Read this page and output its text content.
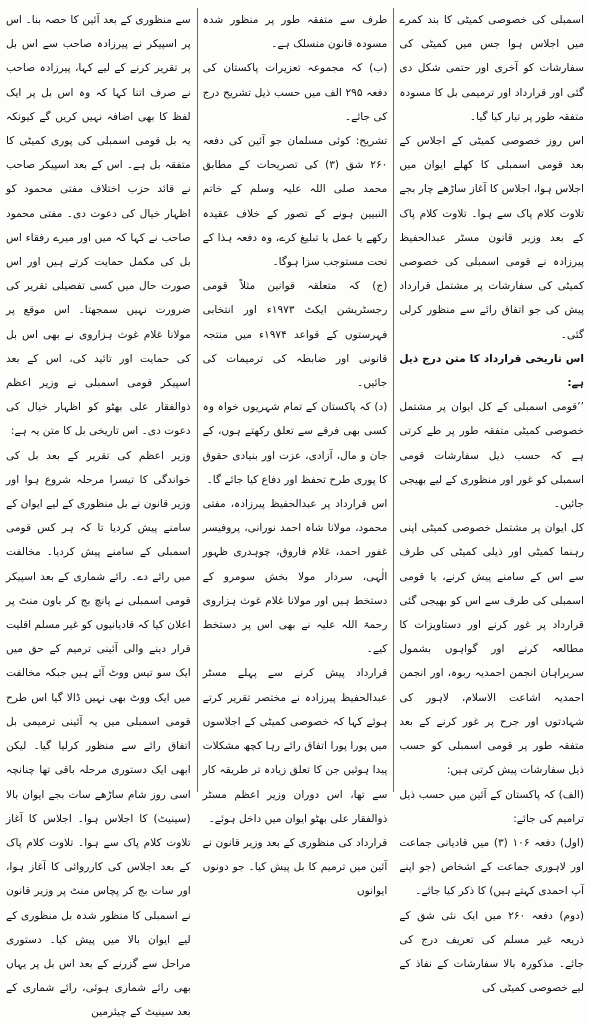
اسمبلی کی خصوصی کمیٹی کا بند کمرے میں اجلاس ہوا جس میں کمیٹی کی سفارشات کو آخری اور حتمی شکل دی گئی اور قرارداد اور ترمیمی بل کا مسودہ متفقہ طور پر تیار کیا گیا۔

اس روز خصوصی کمیٹی کے اجلاس کے بعد قومی اسمبلی کا کھلے ایوان میں اجلاس ہوا، اجلاس کا آغاز ساڑھے چار بجے تلاوت کلام پاک سے ہوا۔ تلاوت کلام پاک کے بعد وزیر قانون مسٹر عبدالحفیظ پیرزادہ نے قومی اسمبلی کی خصوصی کمیٹی کی سفارشات پر مشتمل قرارداد پیش کی جو اتفاق رائے سے منظور کرلی گئی۔

اس تاریخی قرارداد کا متن درج ذیل ہے:

’’قومی اسمبلی کے کل ایوان پر مشتمل خصوصی کمیٹی متفقہ طور پر طے کرتی ہے کہ حسب ذیل سفارشات قومی اسمبلی کو غور اور منظوری کے لیے بھیجی جائیں۔

کل ایوان پر مشتمل خصوصی کمیٹی اپنی رہنما کمیٹی اور ذیلی کمیٹی کی طرف سے اس کے سامنے پیش کرنے، یا قومی اسمبلی کی طرف سے اس کو بھیجی گئی قرارداد پر غور کرنے اور دستاویزات کا مطالعہ کرنے اور گواہوں بشمول سربراہان انجمن احمدیہ ربوہ، اور انجمن احمدیہ اشاعت الاسلام، لاہور کی شہادتوں اور جرح پر غور کرنے کے بعد متفقہ طور پر قومی اسمبلی کو حسب ذیل سفارشات پیش کرتی ہیں:

(الف) کہ پاکستان کے آئین میں حسب ذیل ترامیم کی جائے:

(اول) دفعہ ۱۰۶ (۳) میں قادیانی جماعت اور لاہوری جماعت کے اشخاص (جو اپنے آپ احمدی کہتے ہیں) کا ذکر کیا جائے۔

(دوم) دفعہ ۲۶۰ میں ایک نئی شق کے ذریعہ غیر مسلم کی تعریف درج کی جائے۔ مذکورہ بالا سفارشات کے نفاذ کے لیے خصوصی کمیٹی کی

طرف سے متفقہ طور پر منظور شدہ مسودہ قانون منسلک ہے۔

(ب) کہ مجموعہ تعزیرات پاکستان کی دفعہ ۲۹۵ الف میں حسب ذیل تشریح درج کی جائے۔

تشریح: کوئی مسلمان جو آئین کی دفعہ ۲۶۰ شق (۳) کی تصریحات کے مطابق محمد صلی اللہ علیہ وسلم کے خاتم النبیین ہونے کے تصور کے خلاف عقیدہ رکھے یا عمل یا تبلیغ کرے، وہ دفعہ ہذا کے تحت مستوجب سزا ہوگا۔

(ج) کہ متعلقہ قوانین مثلاً قومی رجسٹریشن ایکٹ ۱۹۷۳ء اور انتخابی فہرستوں کے قواعد ۱۹۷۴ء میں منتجہ قانونی اور ضابطہ کی ترمیمات کی جائیں۔

(د) کہ پاکستان کے تمام شہریوں خواہ وہ کسی بھی فرقے سے تعلق رکھتے ہوں، کے جان و مال، آزادی، عزت اور بنیادی حقوق کا پوری طرح تحفظ اور دفاع کیا جائے گا۔

اس قرارداد پر عبدالحفیظ پیرزادہ، مفتی محمود، مولانا شاہ احمد نورانی، پروفیسر غفور احمد، غلام فاروق، چوہدری ظہور الٰہی، سردار مولا بخش سومرو کے دستخط ہیں اور مولانا غلام غوث ہزاروی رحمۃ اللہ علیہ نے بھی اس پر دستخط کیے۔

قرارداد پیش کرنے سے پہلے مسٹر عبدالحفیظ پیرزادہ نے مختصر تقریر کرتے ہوئے کہا کہ خصوصی کمیٹی کے اجلاسوں میں پورا پورا اتفاق رائے رہا کچھ مشکلات پیدا ہوئیں جن کا تعلق زیادہ تر طریقہ کار سے تھا، اس دوران وزیر اعظم مسٹر ذوالفقار علی بھٹو ایوان میں داخل ہوئے۔

قرارداد کی منظوری کے بعد وزیر قانون نے آئین میں ترمیم کا بل پیش کیا۔ جو دونوں ایوانوں

سے منظوری کے بعد آئین کا حصہ بنا۔ اس پر اسپیکر نے پیرزادہ صاحب سے اس بل پر تقریر کرنے کے لیے کہا، پیرزادہ صاحب نے صرف اتنا کہا کہ وہ اس بل پر ایک لفظ کا بھی اضافہ نہیں کریں گے کیونکہ یہ بل قومی اسمبلی کی پوری کمیٹی کا متفقہ بل ہے۔ اس کے بعد اسپیکر صاحب نے قائد حزب اختلاف مفتی محمود کو اظہار خیال کی دعوت دی۔ مفتی محمود صاحب نے کہا کہ میں اور میرے رفقاء اس بل کی مکمل حمایت کرتے ہیں اور اس صورت حال میں کسی تفصیلی تقریر کی ضرورت نہیں سمجھتا۔ اس موقع پر مولانا غلام غوث ہزاروی نے بھی اس بل کی حمایت اور تائید کی، اس کے بعد اسپیکر قومی اسمبلی نے وزیر اعظم ذوالفقار علی بھٹو کو اظہار خیال کی دعوت دی۔ اس تاریخی بل کا متن یہ ہے:

وزیر اعظم کی تقریر کے بعد بل کی خواندگی کا تیسرا مرحلہ شروع ہوا اور وزیر قانون نے بل منظوری کے لیے ایوان کے سامنے پیش کردیا تا کہ ہر کس قومی اسمبلی کے سامنے پیش کردیا۔ مخالفت میں رائے دے۔ رائے شماری کے بعد اسپیکر قومی اسمبلی نے پانچ بج کر باون منٹ پر اعلان کیا کہ قادیانیوں کو غیر مسلم اقلیت قرار دینے والی آئینی ترمیم کے حق میں ایک سو تیس ووٹ آئے ہیں جبکہ مخالفت میں ایک ووٹ بھی نہیں ڈالا گیا اس طرح قومی اسمبلی میں یہ آئینی ترمیمی بل اتفاق رائے سے منظور کرلیا گیا۔ لیکن ابھی ایک دستوری مرحلہ باقی تھا چنانچہ اسی روز شام ساڑھے سات بجے ایوان بالا (سینیٹ) کا اجلاس ہوا۔ اجلاس کا آغاز تلاوت کلام پاک سے ہوا۔ تلاوت کلام پاک کے بعد اجلاس کی کارروائی کا آغاز ہوا، اور سات بج کر پچاس منٹ پر وزیر قانون نے اسمبلی کا منظور شدہ بل منظوری کے لیے ایوان بالا میں پیش کیا۔ دستوری مراحل سے گزرنے کے بعد اس بل پر یہاں بھی رائے شماری ہوئی، رائے شماری کے بعد سینیٹ کے چیئرمین
